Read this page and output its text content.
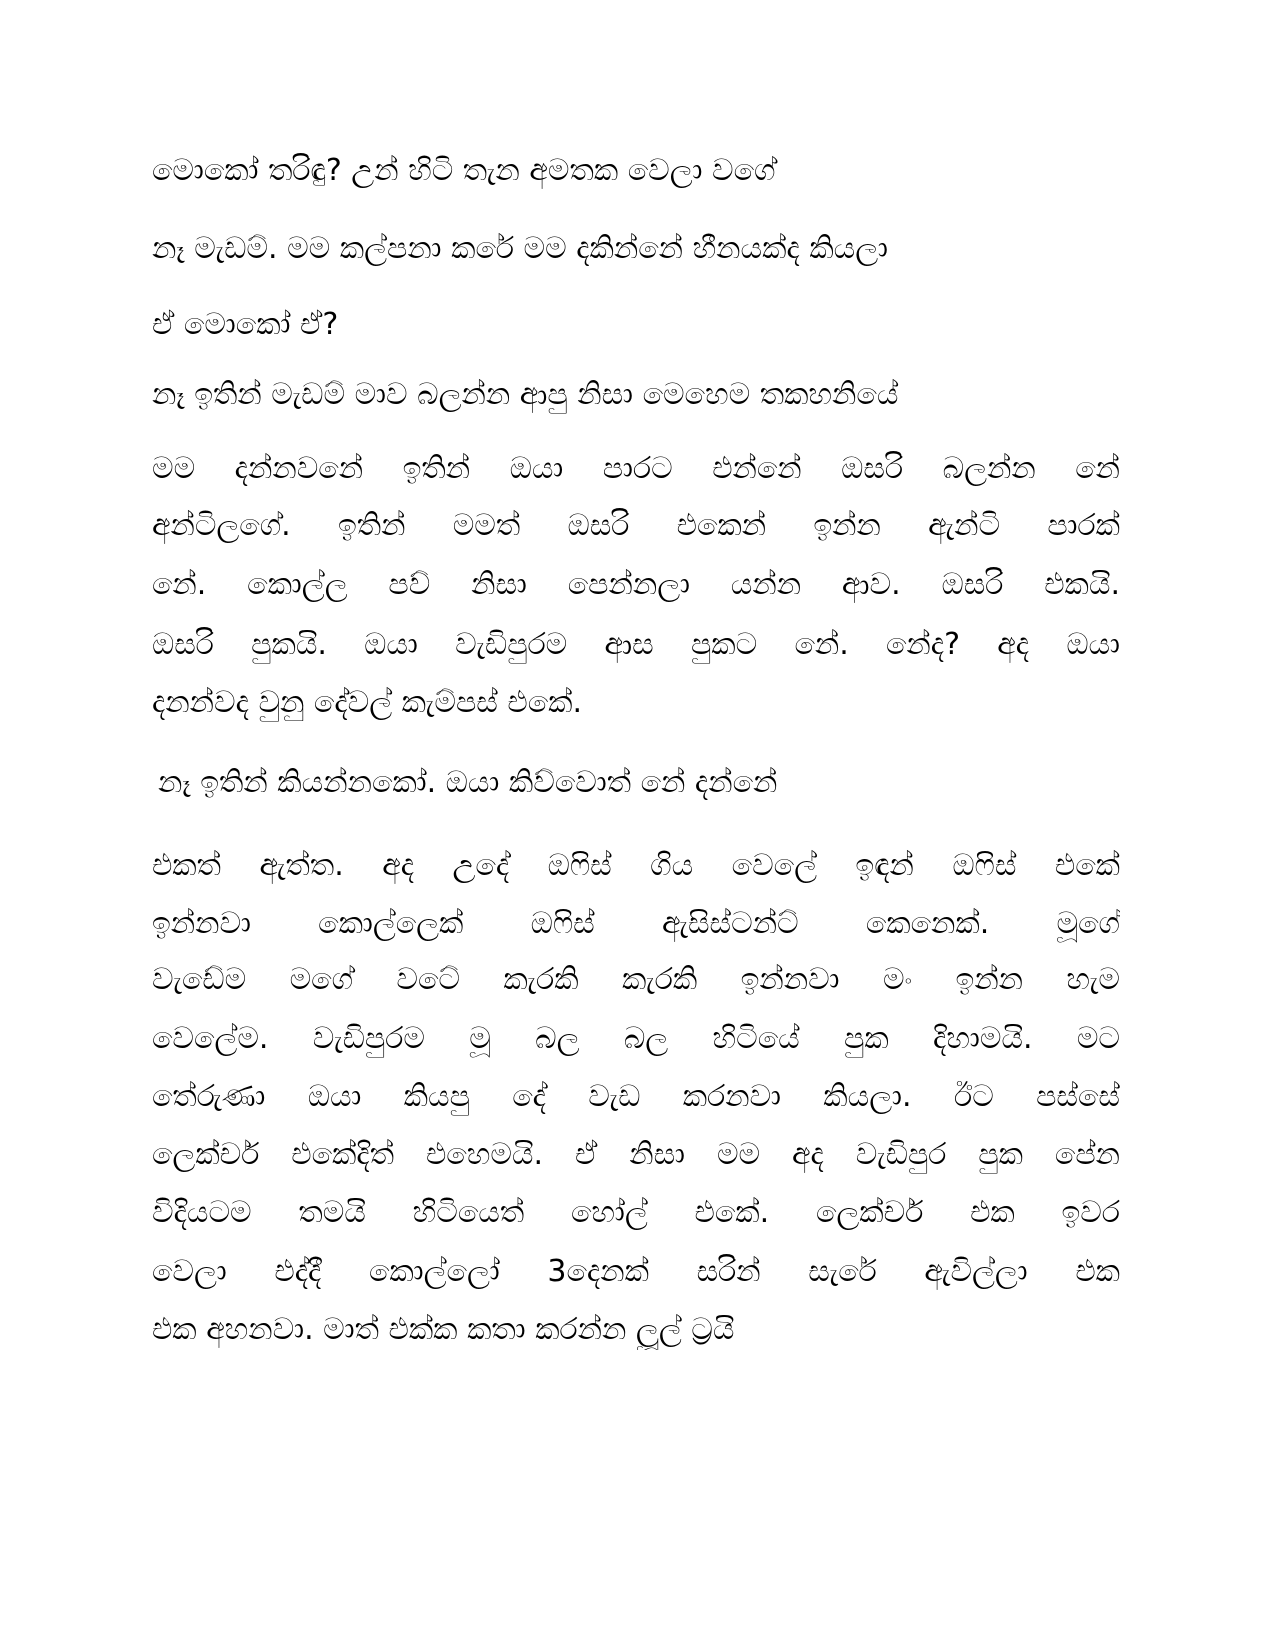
මොකෝ තරිඳු? උන් හිටි තැන අමතක වෙලා වගේ

නෑ මැඩම්. මම කල්පනා කරේ මම දකින්නේ හීනයක්ද කියලා

ඒ මොකෝ ඒ?

නෑ ඉතින් මැඩම් මාව බලන්න ආපු නිසා මෙහෙම තකහනියේ

මම දන්නවනේ ඉතින් ඔයා පාරට එන්නේ ඔසරි බලන්න නේ

අන්ටිලගේ. ඉතින් මමත් ඔසරි එකෙන් ඉන්න ඇන්ටි පාරක්

නේ. කොල්ල පව් නිසා පෙන්නලා යන්න ආව. ඔසරි එකයි.

ඔසරි පුකයි. ඔයා වැඩිපුරම ආස පුකට නේ. නේද? අද ඔයා

දනන්වද වුනු දේවල් කැම්පස් එකේ.

නෑ ඉතින් කියන්නකෝ. ඔයා කිව්වොත් නේ දන්නේ

එකත් ඇත්ත. අද උදේ ඔෆිස් ගිය වෙලේ ඉඳන් ඔෆිස් එකේ

ඉන්නවා කොල්ලෙක් ඔෆිස් ඇසිස්ටන්ට් කෙනෙක්. මූගේ

වැඩේම මගේ වටේ කැරකි කැරකි ඉන්නවා මං ඉන්න හැම

වෙලේම. වැඩිපුරම මූ බල බල හිටියේ පුක දිහාමයි. මට

තේරුණා ඔයා කියපු දේ වැඩ කරනවා කියලා. ඊට පස්සේ

ලෙක්චර් එකේදිත් එහෙමයි. ඒ නිසා මම අද වැඩිපුර පුක පේන

විදියටම තමයි හිටියෙත් හෝල් එකේ. ලෙක්චර් එක ඉවර

වෙලා එද්දී කොල්ලෝ 3දෙනක් සරින් සැරේ ඇවිල්ලා එක

එක අහනවා. මාත් එක්ක කතා කරන්න ලූල් ට්‍රයි
